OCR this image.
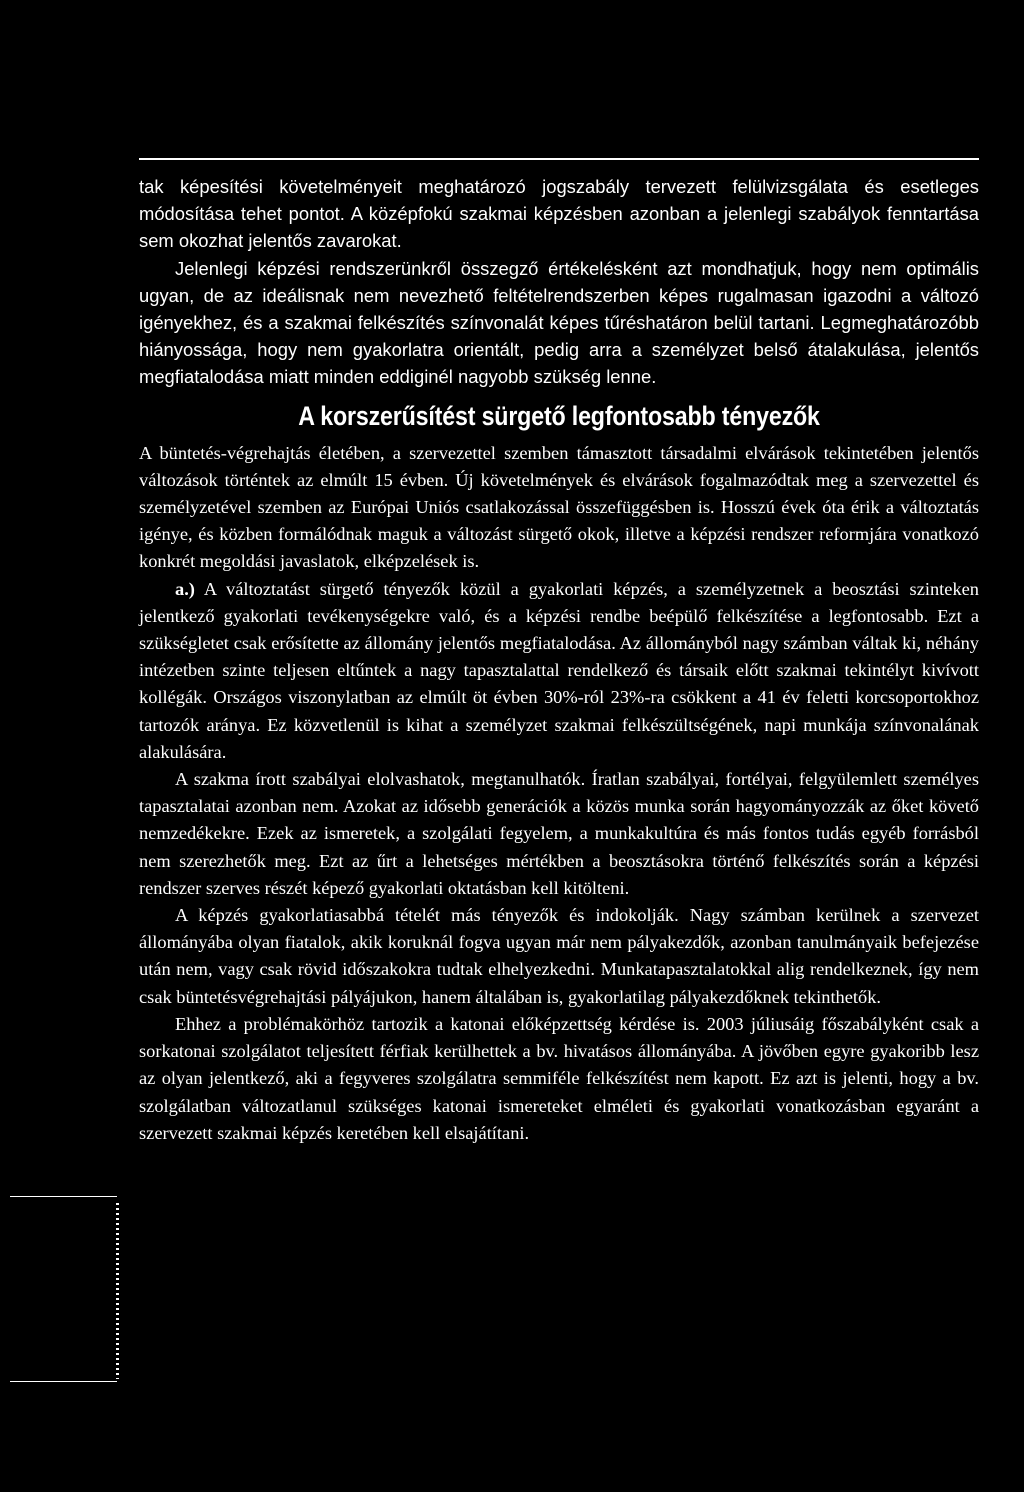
tak képesítési követelményeit meghatározó jogszabály tervezett felülvizsgálata és esetleges módosítása tehet pontot. A középfokú szakmai képzésben azonban a jelenlegi szabályok fenntartása sem okozhat jelentős zavarokat.

Jelenlegi képzési rendszerünkről összegző értékelésként azt mondhatjuk, hogy nem optimális ugyan, de az ideálisnak nem nevezhető feltételrendszerben képes rugalmasan igazodni a változó igényekhez, és a szakmai felkészítés színvonalát képes tűréshatáron belül tartani. Legmeghatározóbb hiányossága, hogy nem gyakorlatra orientált, pedig arra a személyzet belső átalakulása, jelentős megfiatalodása miatt minden eddiginél nagyobb szükség lenne.

A korszerűsítést sürgető legfontosabb tényezők

A büntetés-végrehajtás életében, a szervezettel szemben támasztott társadalmi elvárások tekintetében jelentős változások történtek az elmúlt 15 évben. Új követelmények és elvárások fogalmazódtak meg a szervezettel és személyzetével szemben az Európai Uniós csatlakozással összefüggésben is. Hosszú évek óta érik a változtatás igénye, és közben formálódnak maguk a változást sürgető okok, illetve a képzési rendszer reformjára vonatkozó konkrét megoldási javaslatok, elképzelések is.

a.) A változtatást sürgető tényezők közül a gyakorlati képzés, a személyzetnek a beosztási szinteken jelentkező gyakorlati tevékenységekre való, és a képzési rendbe beépülő felkészítése a legfontosabb. Ezt a szükségletet csak erősítette az állomány jelentős megfiatalodása. Az állományból nagy számban váltak ki, néhány intézetben szinte teljesen eltűntek a nagy tapasztalattal rendelkező és társaik előtt szakmai tekintélyt kivívott kollégák. Országos viszonylatban az elmúlt öt évben 30%-ról 23%-ra csökkent a 41 év feletti korcsoportokhoz tartozók aránya. Ez közvetlenül is kihat a személyzet szakmai felkészültségének, napi munkája színvonalának alakulására.

A szakma írott szabályai elolvashatok, megtanulhatók. Íratlan szabályai, fortélyai, felgyülemlett személyes tapasztalatai azonban nem. Azokat az idősebb generációk a közös munka során hagyományozzák az őket követő nemzedékekre. Ezek az ismeretek, a szolgálati fegyelem, a munkakultúra és más fontos tudás egyéb forrásból nem szerezhetők meg. Ezt az űrt a lehetséges mértékben a beosztásokra történő felkészítés során a képzési rendszer szerves részét képező gyakorlati oktatásban kell kitölteni.

A képzés gyakorlatiasabbá tételét más tényezők és indokolják. Nagy számban kerülnek a szervezet állományába olyan fiatalok, akik koruknál fogva ugyan már nem pályakezdők, azonban tanulmányaik befejezése után nem, vagy csak rövid időszakokra tudtak elhelyezkedni. Munkatapasztalatokkal alig rendelkeznek, így nem csak büntetésvégrehajtási pályájukon, hanem általában is, gyakorlatilag pályakezdőknek tekinthetők.

Ehhez a problémakörhöz tartozik a katonai előképzettség kérdése is. 2003 júliusáig főszabályként csak a sorkatonai szolgálatot teljesített férfiak kerülhettek a bv. hivatásos állományába. A jövőben egyre gyakoribb lesz az olyan jelentkező, aki a fegyveres szolgálatra semmiféle felkészítést nem kapott. Ez azt is jelenti, hogy a bv. szolgálatban változatlanul szükséges katonai ismereteket elméleti és gyakorlati vonatkozásban egyaránt a szervezett szakmai képzés keretében kell elsajátítani.
